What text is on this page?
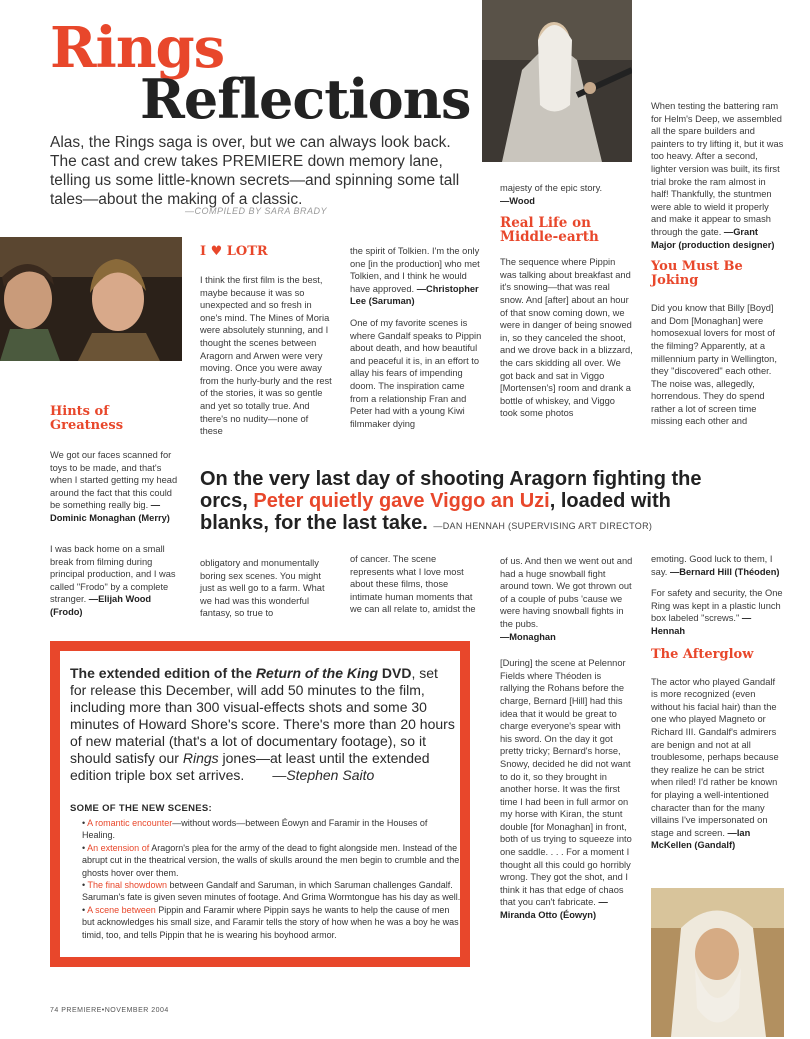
Rings
Reflections
Alas, the Rings saga is over, but we can always look back. The cast and crew takes PREMIERE down memory lane, telling us some little-known secrets—and spinning some tall tales—about the making of a classic.
—COMPILED BY SARA BRADY
Hints of Greatness

We got our faces scanned for toys to be made, and that's when I started getting my head around the fact that this could be something really big. —Dominic Monaghan (Merry)

I was back home on a small break from filming during principal production, and I was called "Frodo" by a complete stranger. —Elijah Wood (Frodo)

I ♥ LOTR

I think the first film is the best, maybe because it was so unexpected and so fresh in one's mind. The Mines of Moria were absolutely stunning, and I thought the scenes between Aragorn and Arwen were very moving. Once you were away from the hurly-burly and the rest of the stories, it was so gentle and yet so totally true. And there's no nudity—none of these

obligatory and monumentally boring sex scenes. You might just as well go to a farm. What we had was this wonderful fantasy, so true to

the spirit of Tolkien. I'm the only one [in the production] who met Tolkien, and I think he would have approved. —Christopher Lee (Saruman)

One of my favorite scenes is where Gandalf speaks to Pippin about death, and how beautiful and peaceful it is, in an effort to allay his fears of impending doom. The inspiration came from a relationship Fran and Peter had with a young Kiwi filmmaker dying

of cancer. The scene represents what I love most about these films, those intimate human moments that we can all relate to, amidst the

majesty of the epic story.
—Wood

Real Life on Middle-earth

The sequence where Pippin was talking about breakfast and it's snowing—that was real snow. And [after] about an hour of that snow coming down, we were in danger of being snowed in, so they canceled the shoot, and we drove back in a blizzard, the cars skidding all over. We got back and sat in Viggo [Mortensen's] room and drank a bottle of whiskey, and Viggo took some photos

of us. And then we went out and had a huge snowball fight around town. We got thrown out of a couple of pubs 'cause we were having snowball fights in the pubs.
—Monaghan

[During] the scene at Pelennor Fields where Théoden is rallying the Rohans before the charge, Bernard [Hill] had this idea that it would be great to charge everyone's spear with his sword. On the day it got pretty tricky; Bernard's horse, Snowy, decided he did not want to do it, so they brought in another horse. It was the first time I had been in full armor on my horse with Kiran, the stunt double [for Monaghan] in front, both of us trying to squeeze into one saddle. . . . For a moment I thought all this could go horribly wrong. They got the shot, and I think it has that edge of chaos that you can't fabricate. —Miranda Otto (Éowyn)

When testing the battering ram for Helm's Deep, we assembled all the spare builders and painters to try lifting it, but it was too heavy. After a second, lighter version was built, its first trial broke the ram almost in half! Thankfully, the stuntmen were able to wield it properly and make it appear to smash through the gate. —Grant Major (production designer)

You Must Be Joking

Did you know that Billy [Boyd] and Dom [Monaghan] were homosexual lovers for most of the filming? Apparently, at a millennium party in Wellington, they "discovered" each other. The noise was, allegedly, horrendous. They do spend rather a lot of screen time missing each other and

emoting. Good luck to them, I say. —Bernard Hill (Théoden)

For safety and security, the One Ring was kept in a plastic lunch box labeled "screws." —Hennah

The Afterglow

The actor who played Gandalf is more recognized (even without his facial hair) than the one who played Magneto or Richard III. Gandalf's admirers are benign and not at all troublesome, perhaps because they realize he can be strict when riled! I'd rather be known for playing a well-intentioned character than for the many villains I've impersonated on stage and screen. —Ian McKellen (Gandalf)

On the very last day of shooting Aragorn fighting the orcs, Peter quietly gave Viggo an Uzi, loaded with blanks, for the last take. —DAN HENNAH (SUPERVISING ART DIRECTOR)
The extended edition of the Return of the King DVD, set for release this December, will add 50 minutes to the film, including more than 300 visual-effects shots and some 30 minutes of Howard Shore's score. There's more than 20 hours of new material (that's a lot of documentary footage), so it should satisfy our Rings jones—at least until the extended edition triple box set arrives. —Stephen Saito
SOME OF THE NEW SCENES:
• A romantic encounter—without words—between Éowyn and Faramir in the Houses of Healing.
• An extension of Aragorn's plea for the army of the dead to fight alongside men. Instead of the abrupt cut in the theatrical version, the walls of skulls around the men begin to crumble and the ghosts hover over them.
• The final showdown between Gandalf and Saruman, in which Saruman challenges Gandalf. Saruman's fate is given seven minutes of footage. And Grima Wormtongue has his day as well.
• A scene between Pippin and Faramir where Pippin says he wants to help the cause of men but acknowledges his small size, and Faramir tells the story of how when he was a boy he was timid, too, and tells Pippin that he is wearing his boyhood armor.
74 PREMIERE•NOVEMBER 2004
